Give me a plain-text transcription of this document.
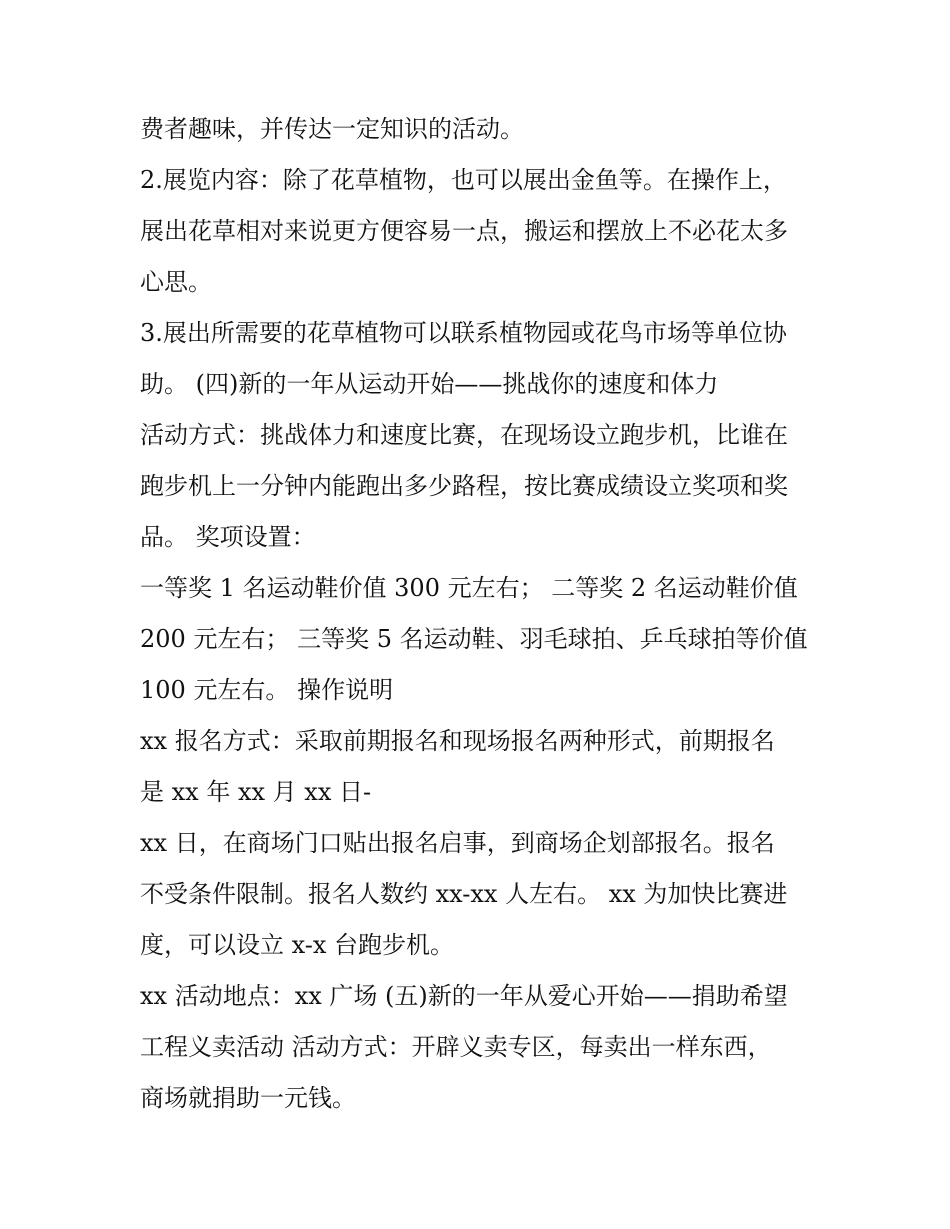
费者趣味，并传达一定知识的活动。
2.展览内容：除了花草植物，也可以展出金鱼等。在操作上，
展出花草相对来说更方便容易一点，搬运和摆放上不必花太多
心思。
3.展出所需要的花草植物可以联系植物园或花鸟市场等单位协
助。 (四)新的一年从运动开始——挑战你的速度和体力
活动方式：挑战体力和速度比赛，在现场设立跑步机，比谁在
跑步机上一分钟内能跑出多少路程，按比赛成绩设立奖项和奖
品。 奖项设置：
一等奖 1 名运动鞋价值 300 元左右； 二等奖 2 名运动鞋价值
200 元左右； 三等奖 5 名运动鞋、羽毛球拍、乒乓球拍等价值
100 元左右。 操作说明
xx 报名方式：采取前期报名和现场报名两种形式，前期报名
是 xx 年 xx 月 xx 日-
xx 日，在商场门口贴出报名启事，到商场企划部报名。报名
不受条件限制。报名人数约 xx-xx 人左右。 xx 为加快比赛进
度，可以设立 x-x 台跑步机。
xx 活动地点：xx 广场 (五)新的一年从爱心开始——捐助希望
工程义卖活动 活动方式：开辟义卖专区，每卖出一样东西，
商场就捐助一元钱。
